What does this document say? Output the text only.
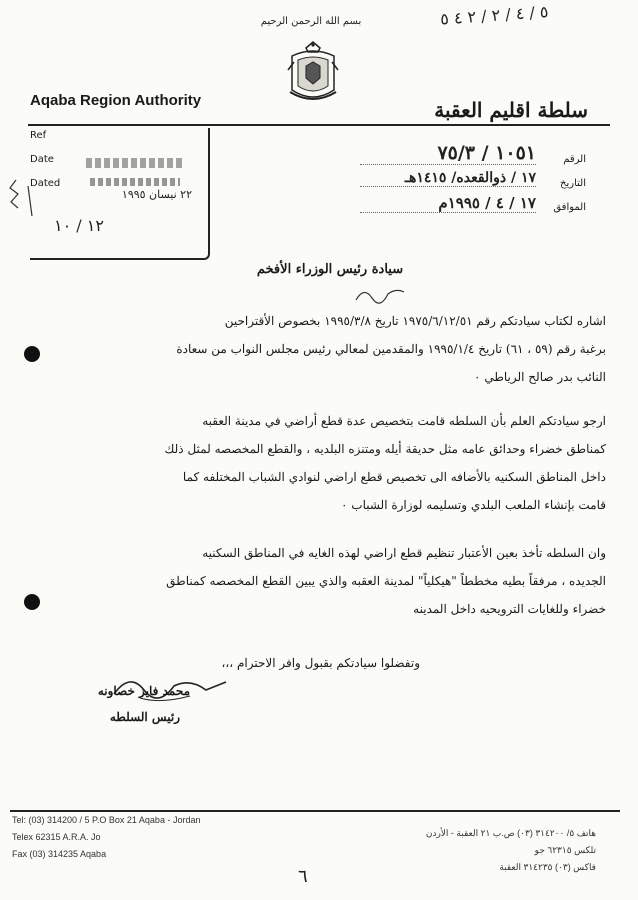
٥ / ٤ / ٢ / ٢ ٤ ٥
بسم الله الرحمن الرحيم
Aqaba Region Authority	سلطة اقليم العقبة
Ref
Date
Dated
٢٢ نيسان ١٩٩٥
١٢ / ١٠
الرقم
١٠٥١ / ٧٥/٣
التاريخ
١٧ / ذوالقعده/ ١٤١٥هـ
الموافق
١٧ / ٤ / ١٩٩٥م
سيادة رئيس الوزراء الأفخم
اشاره لكتاب سيادتكم رقم ١٩٧٥/٦/١٢/٥١ تاريخ ١٩٩٥/٣/٨ بخصوص الأقتراحين
برغبة رقم (٥٩ ، ٦١) تاريخ ١٩٩٥/١/٤ والمقدمين لمعالي رئيس مجلس النواب من سعادة
النائب بدر صالح الرياطي ٠
ارجو سيادتكم العلم بأن السلطه قامت بتخصيص عدة قطع أراضي في مدينة العقبه
كمناطق خضراء وحدائق عامه مثل حديقة أيله ومتنزه البلديه ، والقطع المخصصه لمثل ذلك
داخل المناطق السكنيه بالأضافه الى تخصيص قطع اراضي لنوادي الشباب المختلفه كما
قامت بإنشاء الملعب البلدي وتسليمه لوزارة الشباب ٠
وان السلطه تأخذ بعين الأعتبار تنظيم قطع اراضي لهذه الغايه في المناطق السكنيه
الجديده ، مرفقاً بطيه مخططاً "هيكلياً" لمدينة العقبه والذي يبين القطع المخصصه كمناطق
خضراء وللغايات الترويحيه داخل المدينه
وتفضلوا سيادتكم بقبول وافر الاحترام ،،،
محمد فايز خصاونه
رئيس السلطه
Tel: (03) 314200 / 5 P.O Box 21 Aqaba - Jordan
Telex 62315 A.R.A. Jo
Fax (03) 314235 Aqaba
هاتف ٥/ ٣١٤٢٠٠ (٠٣) ص.ب ٢١ العقبة - الأردن
تلكس ٦٢٣١٥ جو
فاكس (٠٣) ٣١٤٢٣٥ العقبة
٦
